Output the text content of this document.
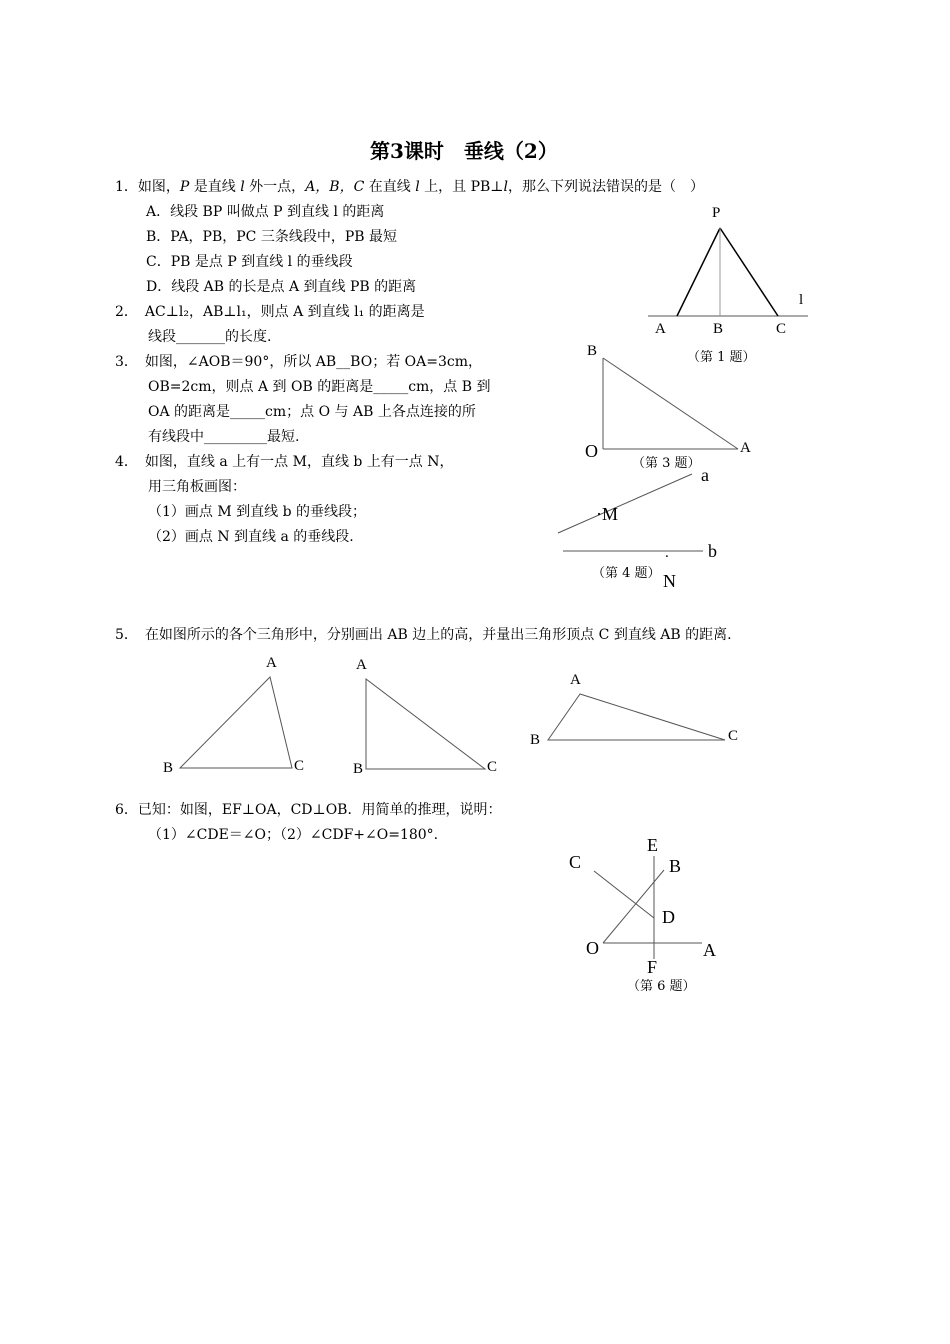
第3课时　垂线（2）
1．如图，P 是直线 l 外一点，A，B，C 在直线 l 上，且 PB⊥l，那么下列说法错误的是（　）
A．线段 BP 叫做点 P 到直线 l 的距离
B．PA，PB，PC 三条线段中，PB 最短
C．PB 是点 P 到直线 l 的垂线段
D．线段 AB 的长是点 A 到直线 PB 的距离
P
l
A	B	C
（第 1 题）
2．　AC⊥l₂，AB⊥l₁，则点 A 到直线 l₁ 的距离是
线段_______的长度.
3．　如图，∠AOB＝90°，所以 AB__BO；若 OA=3cm，
OB=2cm，则点 A 到 OB 的距离是_____cm，点 B 到
OA 的距离是_____cm；点 O 与 AB 上各点连接的所
有线段中_________最短.
B
O	A
（第 3 题）
4．　如图，直线 a 上有一点 M，直线 b 上有一点 N，
用三角板画图：
（1）画点 M 到直线 b 的垂线段；
（2）画点 N 到直线 a 的垂线段.
a
·M
b
.
N
（第 4 题）
5．　在如图所示的各个三角形中，分别画出 AB 边上的高，并量出三角形顶点 C 到直线 AB 的距离.
A
B	C
A
B	C
A
B	C
6．已知：如图，EF⊥OA，CD⊥OB．用简单的推理，说明：
（1）∠CDE＝∠O；（2）∠CDF+∠O=180°.	E
C	B
D
O	A
F
（第 6 题）
